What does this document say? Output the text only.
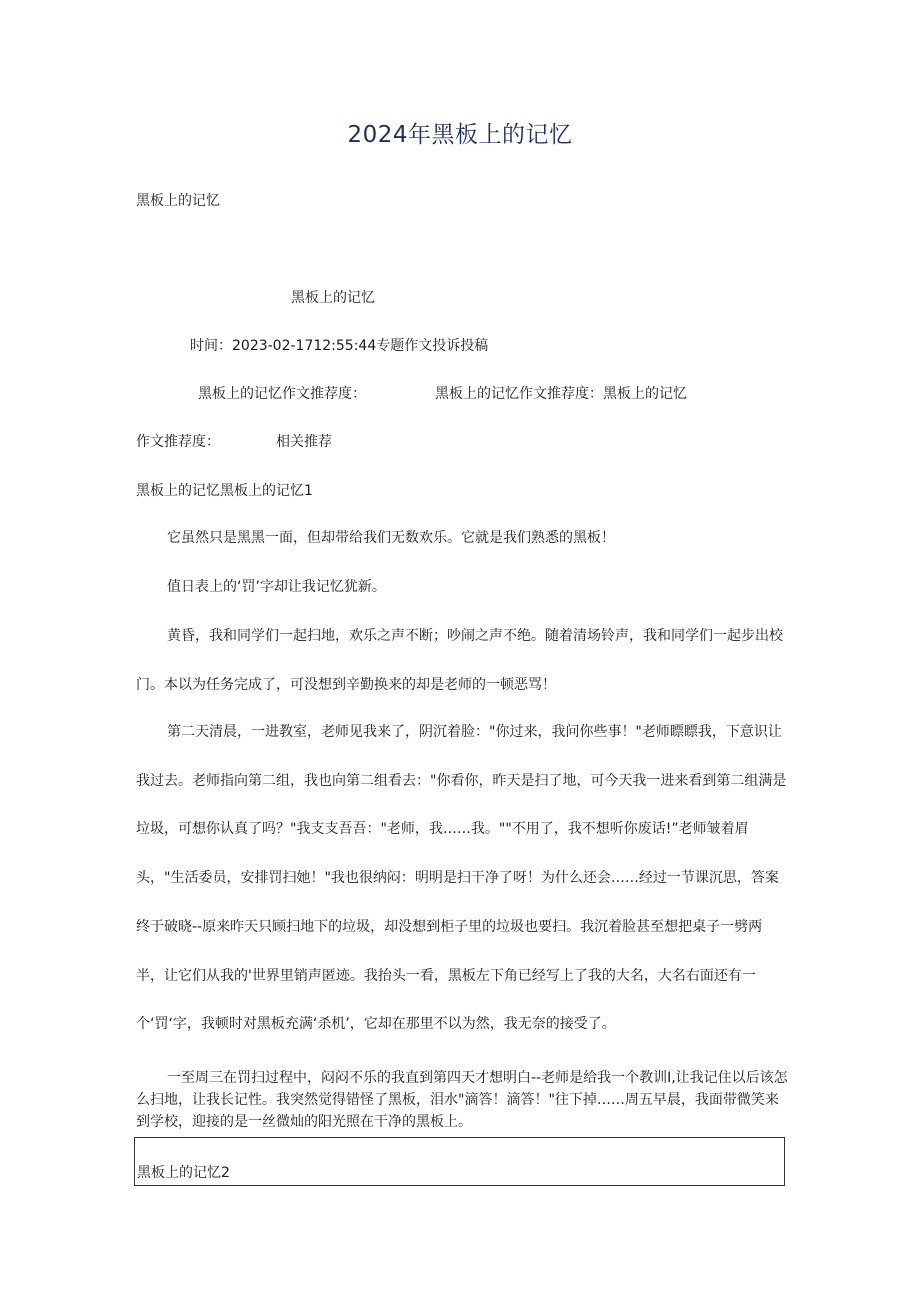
2024年黑板上的记忆
黑板上的记忆
黑板上的记忆
时间：2023-02-1712:55:44专题作文投诉投稿
黑板上的记忆作文推荐度：	黑板上的记忆作文推荐度：黑板上的记忆
作文推荐度：	相关推荐
黑板上的记忆黑板上的记忆1
它虽然只是黑黑一面，但却带给我们无数欢乐。它就是我们熟悉的黑板！
值日表上的‘罚’字却让我记忆犹新。
黄昏，我和同学们一起扫地，欢乐之声不断；吵闹之声不绝。随着清场铃声，我和同学们一起步出校门。本以为任务完成了，可没想到辛勤换来的却是老师的一顿恶骂！
第二天清晨，一进教室，老师见我来了，阴沉着脸："你过来，我问你些事！"老师瞟瞟我，下意识让我过去。老师指向第二组，我也向第二组看去："你看你，昨天是扫了地，可今天我一进来看到第二组满是垃圾，可想你认真了吗？"我支支吾吾："老师，我……我。""不用了，我不想听你废话!”老师皱着眉头，"生活委员，安排罚扫她！"我也很纳闷：明明是扫干净了呀！为什么还会……经过一节课沉思，答案终于破晓--原来昨天只顾扫地下的垃圾，却没想到柜子里的垃圾也要扫。我沉着脸甚至想把桌子一劈两半，让它们从我的'世界里销声匿迹。我抬头一看，黑板左下角已经写上了我的大名，大名右面还有一个‘罚‘字，我顿时对黑板充满‘杀机’，它却在那里不以为然，我无奈的接受了。
一至周三在罚扫过程中，闷闷不乐的我直到第四天才想明白--老师是给我一个教训I,让我记住以后该怎么扫地，让我长记性。我突然觉得错怪了黑板，泪水"滴答！滴答！"往下掉……周五早晨，我面带微笑来到学校，迎接的是一丝微灿的阳光照在干净的黑板上。
黑板上的记忆2
